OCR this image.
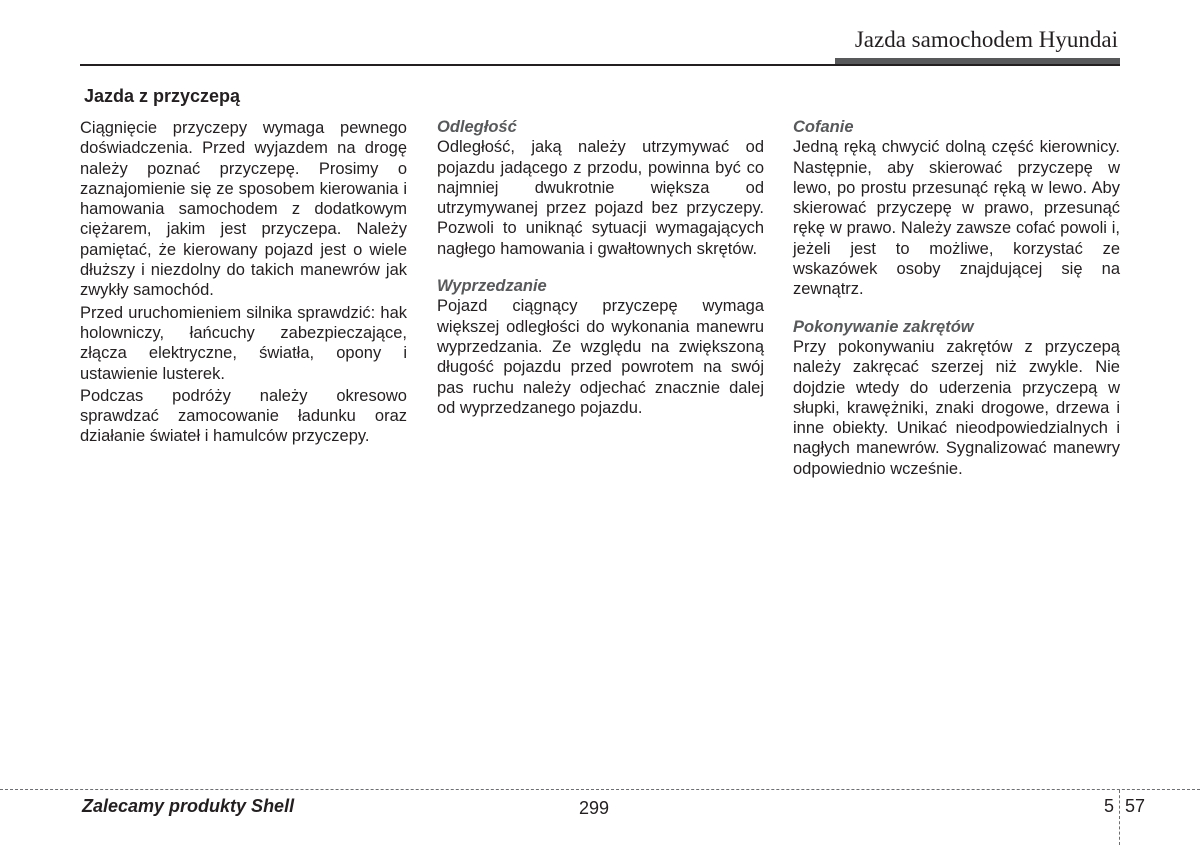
Jazda samochodem Hyundai
Jazda z przyczepą

Ciągnięcie przyczepy wymaga pewnego doświadczenia. Przed wyjazdem na drogę należy poznać przyczepę. Prosimy o zaznajomienie się ze sposobem kierowania i hamowania samochodem z dodatkowym ciężarem, jakim jest przyczepa. Należy pamiętać, że kierowany pojazd jest o wiele dłuższy i niezdolny do takich manewrów jak zwykły samochód.

Przed uruchomieniem silnika sprawdzić: hak holowniczy, łańcuchy zabezpieczające, złącza elektryczne, światła, opony i ustawienie lusterek.

Podczas podróży należy okresowo sprawdzać zamocowanie ładunku oraz działanie świateł i hamulców przyczepy.

Odległość

Odległość, jaką należy utrzymywać od pojazdu jadącego z przodu, powinna być co najmniej dwukrotnie większa od utrzymywanej przez pojazd bez przyczepy. Pozwoli to uniknąć sytuacji wymagających nagłego hamowania i gwałtownych skrętów.

Wyprzedzanie

Pojazd ciągnący przyczepę wymaga większej odległości do wykonania manewru wyprzedzania. Ze względu na zwiększoną długość pojazdu przed powrotem na swój pas ruchu należy odjechać znacznie dalej od wyprzedzanego pojazdu.

Cofanie

Jedną ręką chwycić dolną część kierownicy. Następnie, aby skierować przyczepę w lewo, po prostu przesunąć ręką w lewo. Aby skierować przyczepę w prawo, przesunąć rękę w prawo. Należy zawsze cofać powoli i, jeżeli jest to możliwe, korzystać ze wskazówek osoby znajdującej się na zewnątrz.

Pokonywanie zakrętów

Przy pokonywaniu zakrętów z przyczepą należy zakręcać szerzej niż zwykle. Nie dojdzie wtedy do uderzenia przyczepą w słupki, krawężniki, znaki drogowe, drzewa i inne obiekty. Unikać nieodpowiedzialnych i nagłych manewrów. Sygnalizować manewry odpowiednio wcześnie.

Zalecamy produkty Shell	299	5 57
